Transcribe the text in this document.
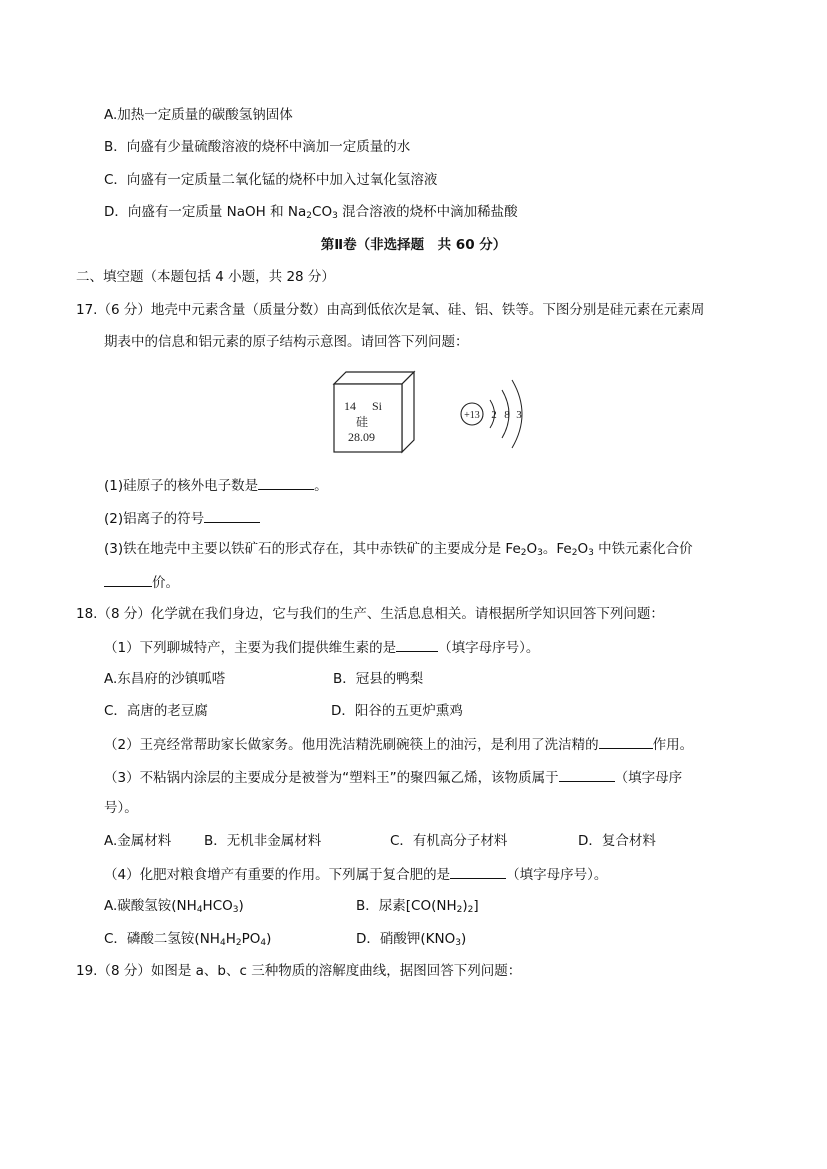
A.加热一定质量的碳酸氢钠固体
B．向盛有少量硫酸溶液的烧杯中滴加一定质量的水
C．向盛有一定质量二氧化锰的烧杯中加入过氧化氢溶液
D．向盛有一定质量 NaOH 和 $Na_2CO_3$ 混合溶液的烧杯中滴加稀盐酸
第Ⅱ卷（非选择题　共 60 分）
二、填空题（本题包括 4 小题，共 28 分）
17.（6 分）地壳中元素含量（质量分数）由高到低依次是氧、硅、铝、铁等。下图分别是硅元素在元素周
期表中的信息和铝元素的原子结构示意图。请回答下列问题：
14 Si
硅
28.09
+13 2 8 3
(1)硅原子的核外电子数是	。
(2)铝离子的符号
(3)铁在地壳中主要以铁矿石的形式存在，其中赤铁矿的主要成分是 $Fe_2O_3$。$Fe_2O_3$ 中铁元素化合价
价。
18.（8 分）化学就在我们身边，它与我们的生产、生活息息相关。请根据所学知识回答下列问题：
（1）下列聊城特产，主要为我们提供维生素的是	（填字母序号）。
A.东昌府的沙镇呱嗒	B．冠县的鸭梨
C．高唐的老豆腐	D．阳谷的五更炉熏鸡
（2）王亮经常帮助家长做家务。他用洗洁精洗刷碗筷上的油污，是利用了洗洁精的	作用。
（3）不粘锅内涂层的主要成分是被誉为“塑料王”的聚四氟乙烯，该物质属于	（填字母序
号）。
A.金属材料 B．无机非金属材料	C．有机高分子材料	D．复合材料
（4）化肥对粮食增产有重要的作用。下列属于复合肥的是	（填字母序号）。
A.碳酸氢铵$(NH_4HCO_3)$	B．尿素$[CO(NH_2)_2]$
C．磷酸二氢铵$(NH_4H_2PO_4)$	D．硝酸钾$(KNO_3)$
19.（8 分）如图是 a、b、c 三种物质的溶解度曲线，据图回答下列问题：
